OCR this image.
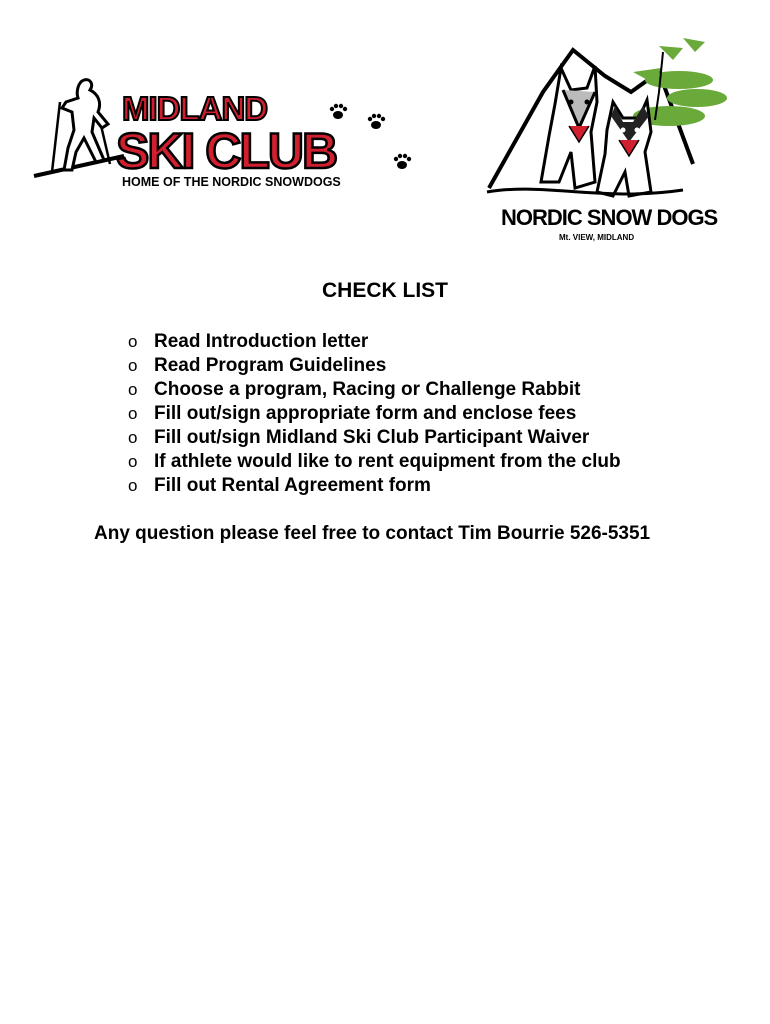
MIDLAND
SKI CLUB
HOME OF THE NORDIC SNOWDOGS
NORDIC SNOW DOGS
Mt. VIEW, MIDLAND
CHECK LIST
o Read Introduction letter
o Read Program Guidelines
o Choose a program, Racing or Challenge Rabbit
o Fill out/sign appropriate form and enclose fees
o Fill out/sign Midland Ski Club Participant Waiver
o If athlete would like to rent equipment from the club
o Fill out Rental Agreement form
Any question please feel free to contact Tim Bourrie 526-5351
